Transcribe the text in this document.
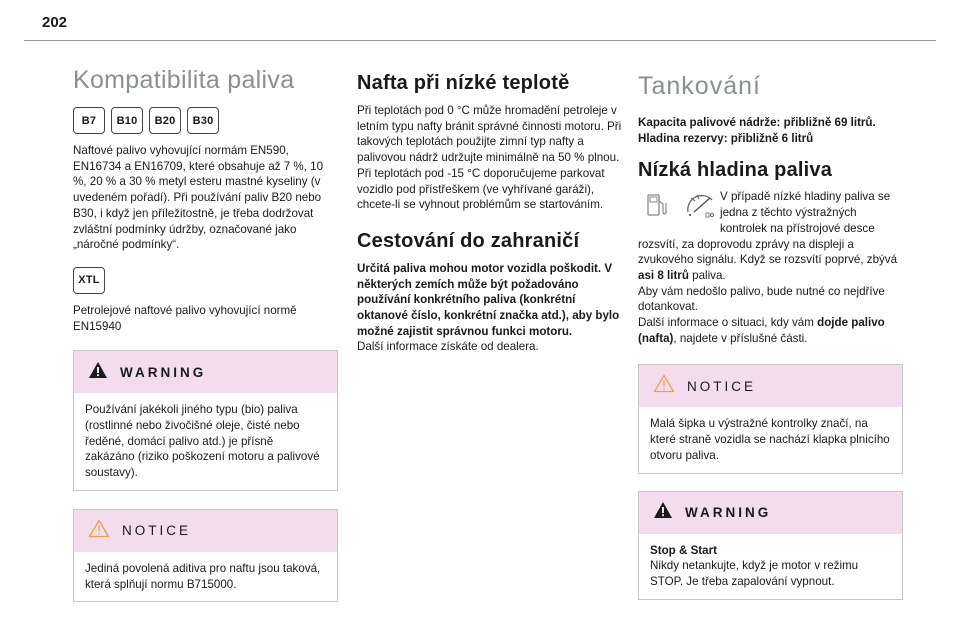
202
Kompatibilita paliva
B7	B10	B20	B30
Naftové palivo vyhovující normám EN590, EN16734 a EN16709, které obsahuje až 7 %, 10 %, 20 % a 30 % metyl esteru mastné kyseliny (v uvedeném pořadí). Při používání paliv B20 nebo B30, i když jen příležitostně, je třeba dodržovat zvláštní podmínky údržby, označované jako „náročné podmínky“.
XTL
Petrolejové naftové palivo vyhovující normě EN15940
WARNING
Používání jakékoli jiného typu (bio) paliva (rostlinné nebo živočišné oleje, čisté nebo ředěné, domácí palivo atd.) je přísně zakázáno (riziko poškození motoru a palivové soustavy).
NOTICE
Jediná povolená aditiva pro naftu jsou taková, která splňují normu B715000.
Nafta při nízké teplotě
Při teplotách pod 0 °C může hromadění petroleje v letním typu nafty bránit správné činnosti motoru. Při takových teplotách použijte zimní typ nafty a palivovou nádrž udržujte minimálně na 50 % plnou.
Při teplotách pod -15 °C doporučujeme parkovat vozidlo pod přístřeškem (ve vyhřívané garáži), chcete-li se vyhnout problémům se startováním.
Cestování do zahraničí
Určitá paliva mohou motor vozidla poškodit. V některých zemích může být požadováno používání konkrétního paliva (konkrétní oktanové číslo, konkrétní značka atd.), aby bylo možné zajistit správnou funkci motoru.
Další informace získáte od dealera.
Tankování
Kapacita palivové nádrže: přibližně 69 litrů.
Hladina rezervy: přibližně 6 litrů
Nízká hladina paliva
V případě nízké hladiny paliva se jedna z těchto výstražných kontrolek na přístrojové desce rozsvítí, za doprovodu zprávy na displeji a zvukového signálu. Když se rozsvítí poprvé, zbývá asi 8 litrů paliva.
Aby vám nedošlo palivo, bude nutné co nejdříve dotankovat.
Další informace o situaci, kdy vám dojde palivo (nafta), najdete v příslušné části.
NOTICE
Malá šipka u výstražné kontrolky značí, na které straně vozidla se nachází klapka plnicího otvoru paliva.
WARNING
Stop & Start
Nikdy netankujte, když je motor v režimu STOP. Je třeba zapalování vypnout.
